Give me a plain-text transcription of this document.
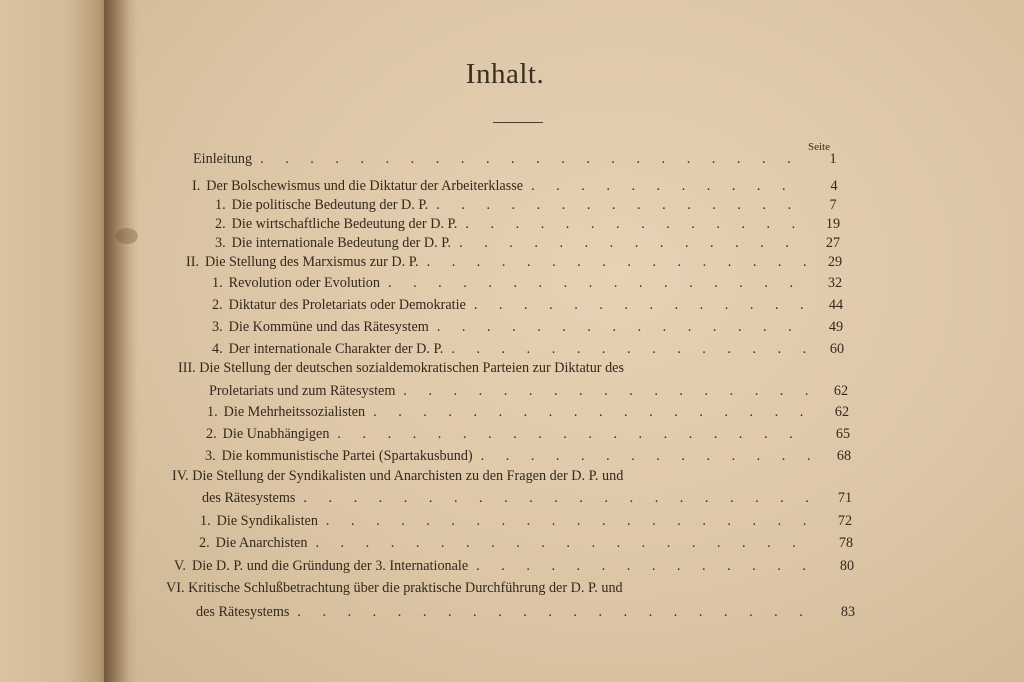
Inhalt.
Seite
Einleitung . . .	1
I. Der Bolschewismus und die Diktatur der Arbeiterklasse . . .	4
1. Die politische Bedeutung der D. P. . . .	7
2. Die wirtschaftliche Bedeutung der D. P. . . .	19
3. Die internationale Bedeutung der D. P. . . .	27
II. Die Stellung des Marxismus zur D. P. . . .	29
1. Revolution oder Evolution . . .	32
2. Diktatur des Proletariats oder Demokratie . . .	44
3. Die Kommüne und das Rätesystem . . .	49
4. Der internationale Charakter der D. P. . . .	60
III. Die Stellung der deutschen sozialdemokratischen Parteien zur Diktatur des
Proletariats und zum Rätesystem . . .	62
1. Die Mehrheitssozialisten . . .	62
2. Die Unabhängigen . . .	65
3. Die kommunistische Partei (Spartakusbund) . . .	68
IV. Die Stellung der Syndikalisten und Anarchisten zu den Fragen der D. P. und
des Rätesystems . . .	71
1. Die Syndikalisten . . .	72
2. Die Anarchisten . . .	78
V. Die D. P. und die Gründung der 3. Internationale . . .	80
VI. Kritische Schlußbetrachtung über die praktische Durchführung der D. P. und
des Rätesystems . . .	83
